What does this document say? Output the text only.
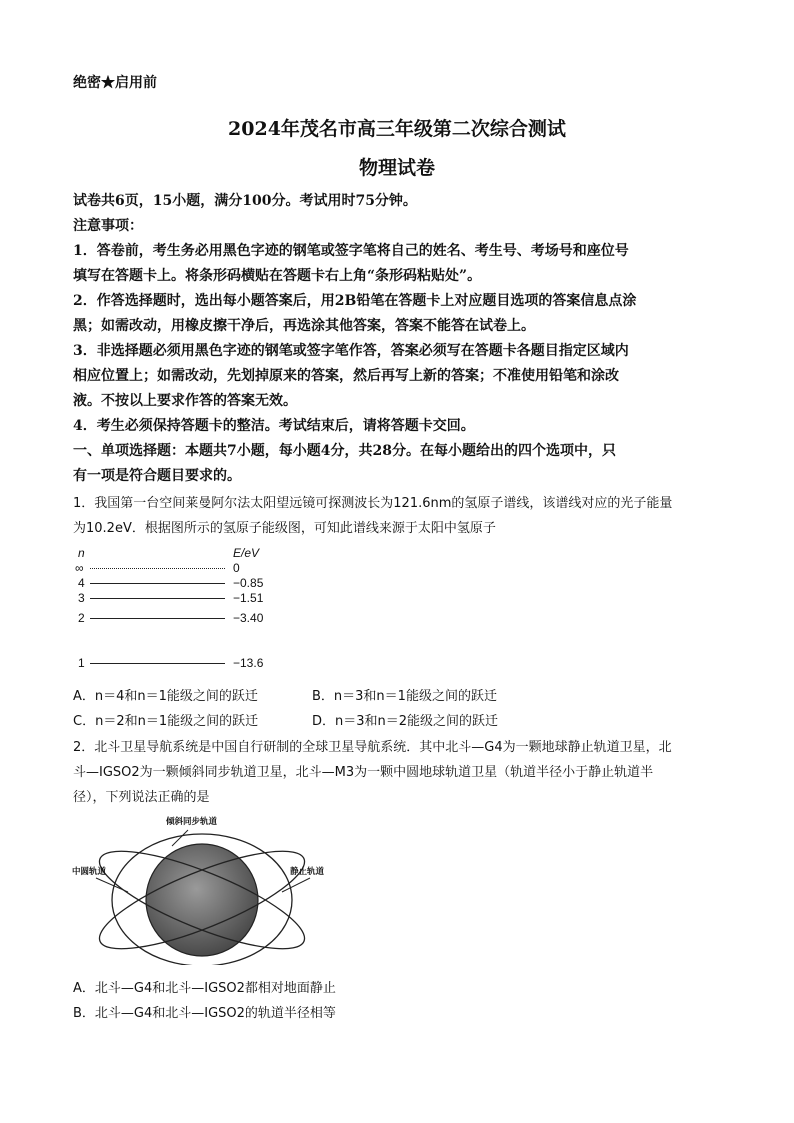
绝密★启用前
2024年茂名市高三年级第二次综合测试
物理试卷
试卷共6页，15小题，满分100分。考试用时75分钟。
注意事项：
1．答卷前，考生务必用黑色字迹的钢笔或签字笔将自己的姓名、考生号、考场号和座位号
填写在答题卡上。将条形码横贴在答题卡右上角“条形码粘贴处”。
2．作答选择题时，选出每小题答案后，用2B铅笔在答题卡上对应题目选项的答案信息点涂
黑；如需改动，用橡皮擦干净后，再选涂其他答案，答案不能答在试卷上。
3．非选择题必须用黑色字迹的钢笔或签字笔作答，答案必须写在答题卡各题目指定区域内
相应位置上；如需改动，先划掉原来的答案，然后再写上新的答案；不准使用铅笔和涂改
液。不按以上要求作答的答案无效。
4．考生必须保持答题卡的整洁。考试结束后，请将答题卡交回。
一、单项选择题：本题共7小题，每小题4分，共28分。在每小题给出的四个选项中，只
有一项是符合题目要求的。
1．我国第一台空间莱曼阿尔法太阳望远镜可探测波长为121.6nm的氢原子谱线，该谱线对应的光子能量
为10.2eV．根据图所示的氢原子能级图，可知此谱线来源于太阳中氢原子
n	E/eV
∞	0
4	−0.85
3	−1.51
2	−3.40
1	−13.6
A．n＝4和n＝1能级之间的跃迁	B．n＝3和n＝1能级之间的跃迁
C．n＝2和n＝1能级之间的跃迁	D．n＝3和n＝2能级之间的跃迁
2．北斗卫星导航系统是中国自行研制的全球卫星导航系统．其中北斗—G4为一颗地球静止轨道卫星，北
斗—IGSO2为一颗倾斜同步轨道卫星，北斗—M3为一颗中圆地球轨道卫星（轨道半径小于静止轨道半
径），下列说法正确的是
倾斜同步轨道
中圆轨道	静止轨道
A．北斗—G4和北斗—IGSO2都相对地面静止
B．北斗—G4和北斗—IGSO2的轨道半径相等
